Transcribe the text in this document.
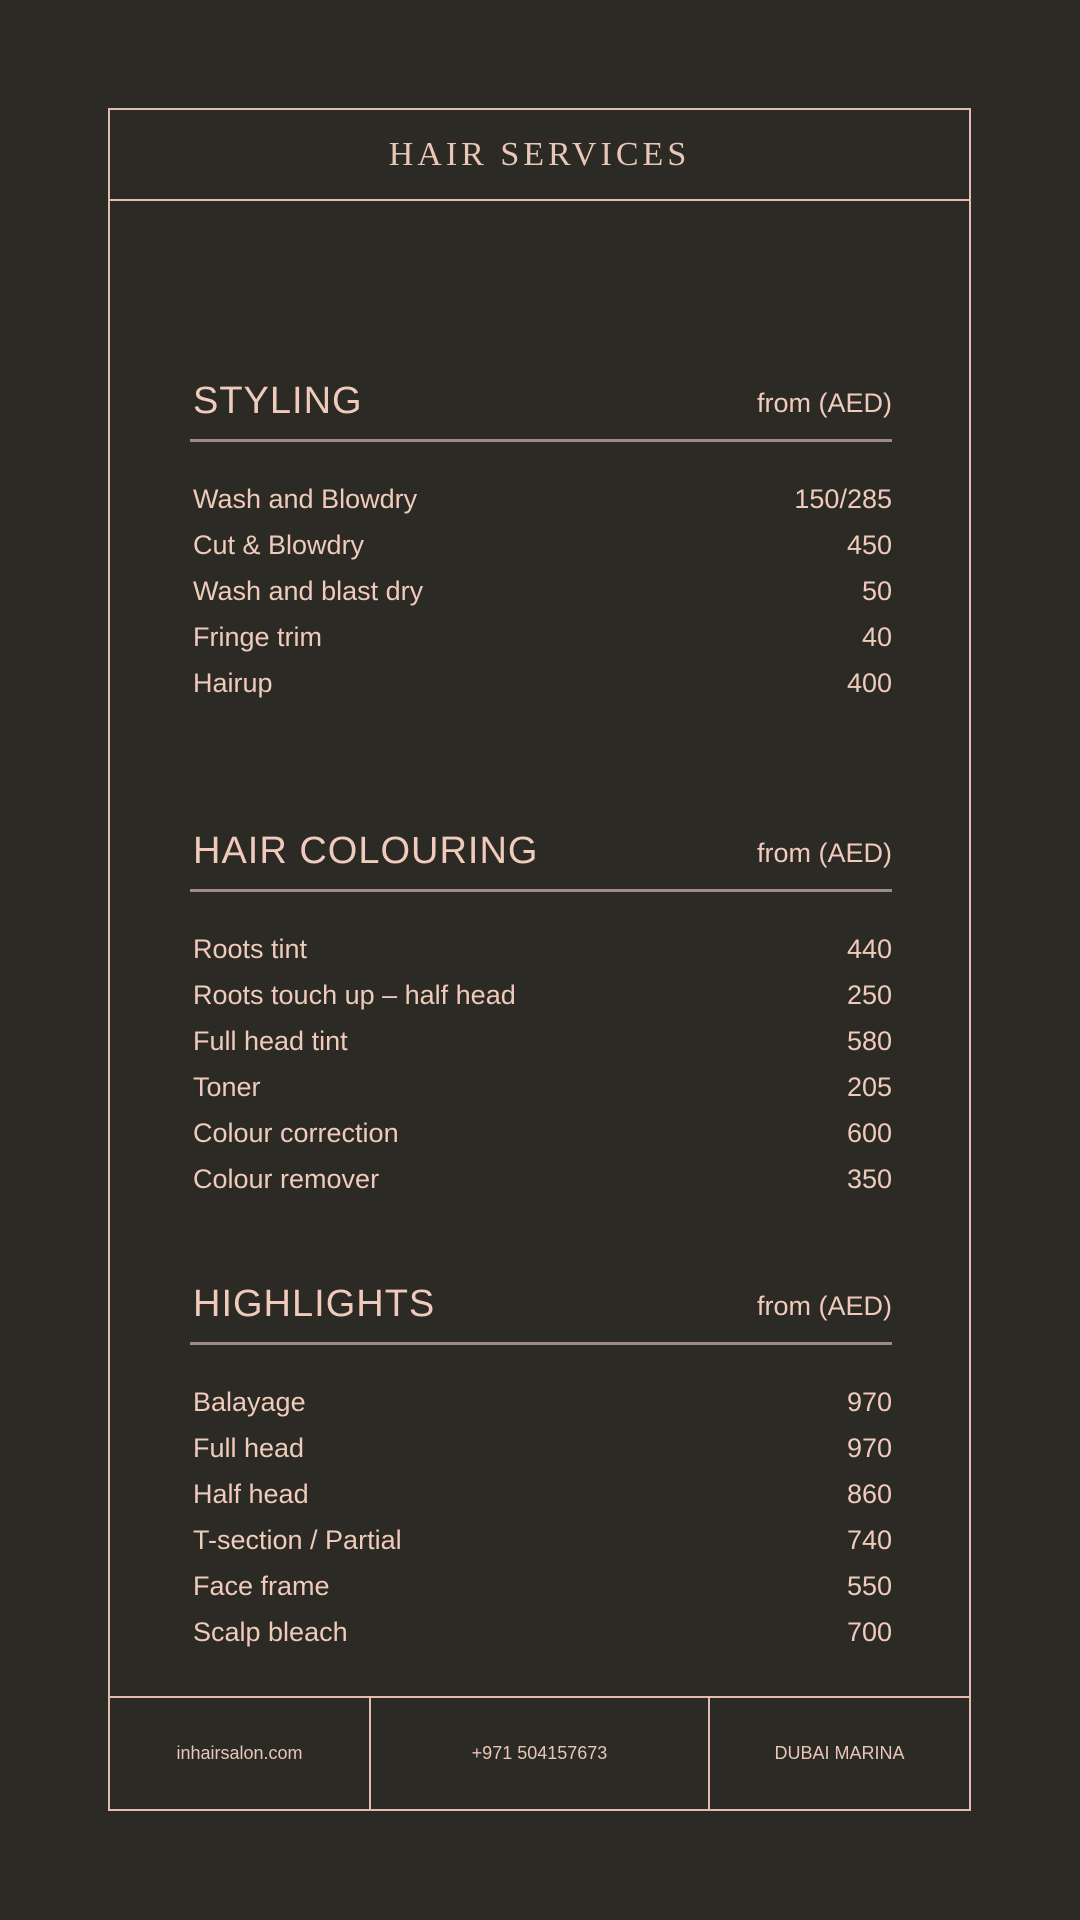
HAIR SERVICES
STYLING	from (AED)
Wash and Blowdry	150/285
Cut & Blowdry	450
Wash and blast dry	50
Fringe trim	40
Hairup	400
HAIR COLOURING	from (AED)
Roots tint	440
Roots touch up – half head	250
Full head tint	580
Toner	205
Colour correction	600
Colour remover	350
HIGHLIGHTS	from (AED)
Balayage	970
Full head	970
Half head	860
T-section / Partial	740
Face frame	550
Scalp bleach	700
inhairsalon.com	+971 504157673	DUBAI MARINA
